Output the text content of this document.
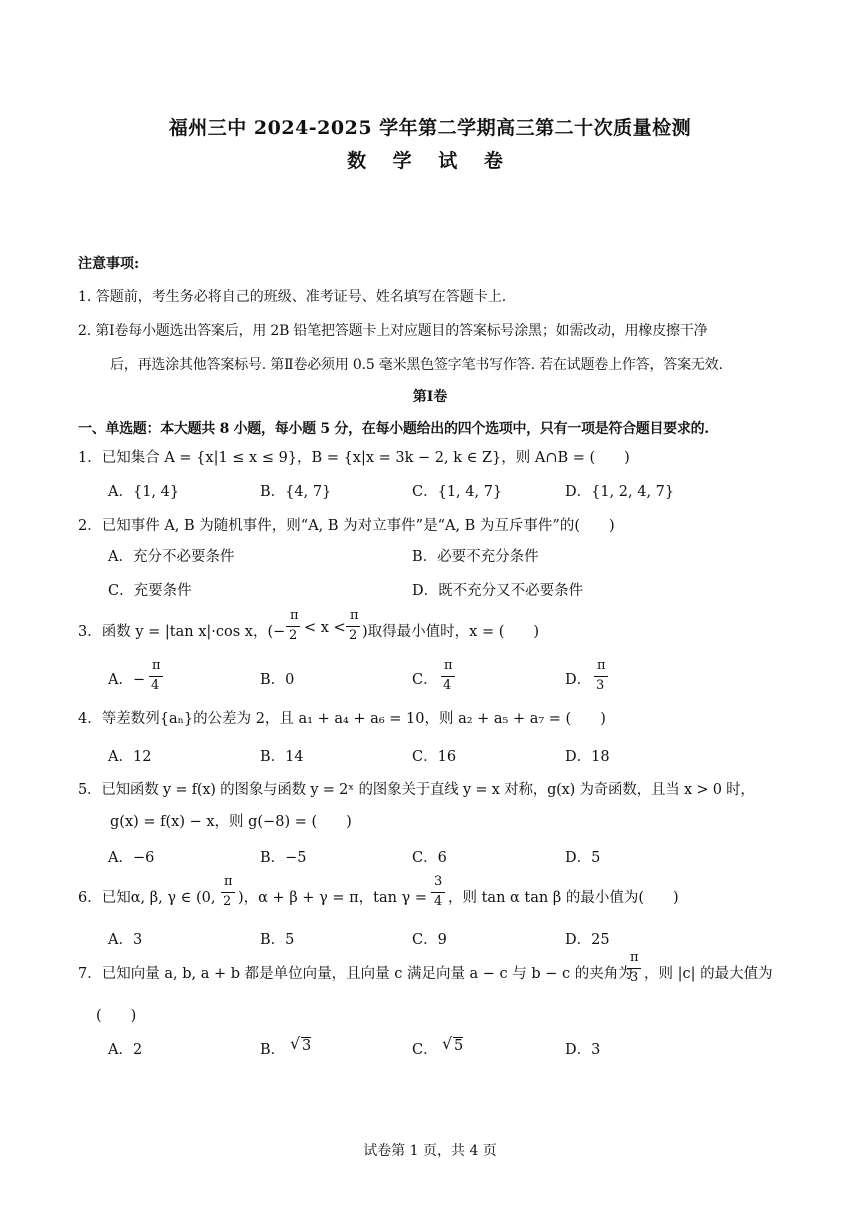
福州三中 2024-2025 学年第二学期高三第二十次质量检测
数 学 试 卷
注意事项:
1. 答题前，考生务必将自己的班级、准考证号、姓名填写在答题卡上.
2. 第Ⅰ卷每小题选出答案后，用 2B 铅笔把答题卡上对应题目的答案标号涂黑；如需改动，用橡皮擦干净
后，再选涂其他答案标号. 第Ⅱ卷必须用 0.5 毫米黑色签字笔书写作答. 若在试题卷上作答，答案无效.
第Ⅰ卷
一、单选题：本大题共 8 小题，每小题 5 分，在每小题给出的四个选项中，只有一项是符合题目要求的.
1．已知集合 A = {x|1 ≤ x ≤ 9}，B = {x|x = 3k − 2, k ∈ Z}，则 A∩B = (　　)
A．{1, 4}	B．{4, 7}	C．{1, 4, 7}	D．{1, 2, 4, 7}
2．已知事件 A, B 为随机事件，则“A, B 为对立事件”是“A, B 为互斥事件”的(　　)
A．充分不必要条件	B．必要不充分条件
C．充要条件	D．既不充分又不必要条件
3．函数 y = |tan x|·cos x，(−
π
2 < x <
π
2 )取得最小值时，x = (　　)
A．−
π
4	B．0	C．
π
4	D．
π
3
4．等差数列{aₙ}的公差为 2，且 a₁ + a₄ + a₆ = 10，则 a₂ + a₅ + a₇ = (　　)
A．12	B．14	C．16	D．18
5．已知函数 y = f(x) 的图象与函数 y = 2ˣ 的图象关于直线 y = x 对称，g(x) 为奇函数，且当 x > 0 时，
g(x) = f(x) − x，则 g(−8) = (　　)
A．−6	B．−5	C．6	D．5
6．已知α, β, γ ∈ (0,
π
2 )，α + β + γ = π，tan γ =
3
4 ，则 tan α tan β 的最小值为(　　)
A．3	B．5	C．9	D．25
7．已知向量 a, b, a + b 都是单位向量，且向量 c 满足向量 a − c 与 b − c 的夹角为
π
3 ，则 |c| 的最大值为
(　　)
A．2	B． √ 3	C． √ 5	D．3
试卷第 1 页，共 4 页
